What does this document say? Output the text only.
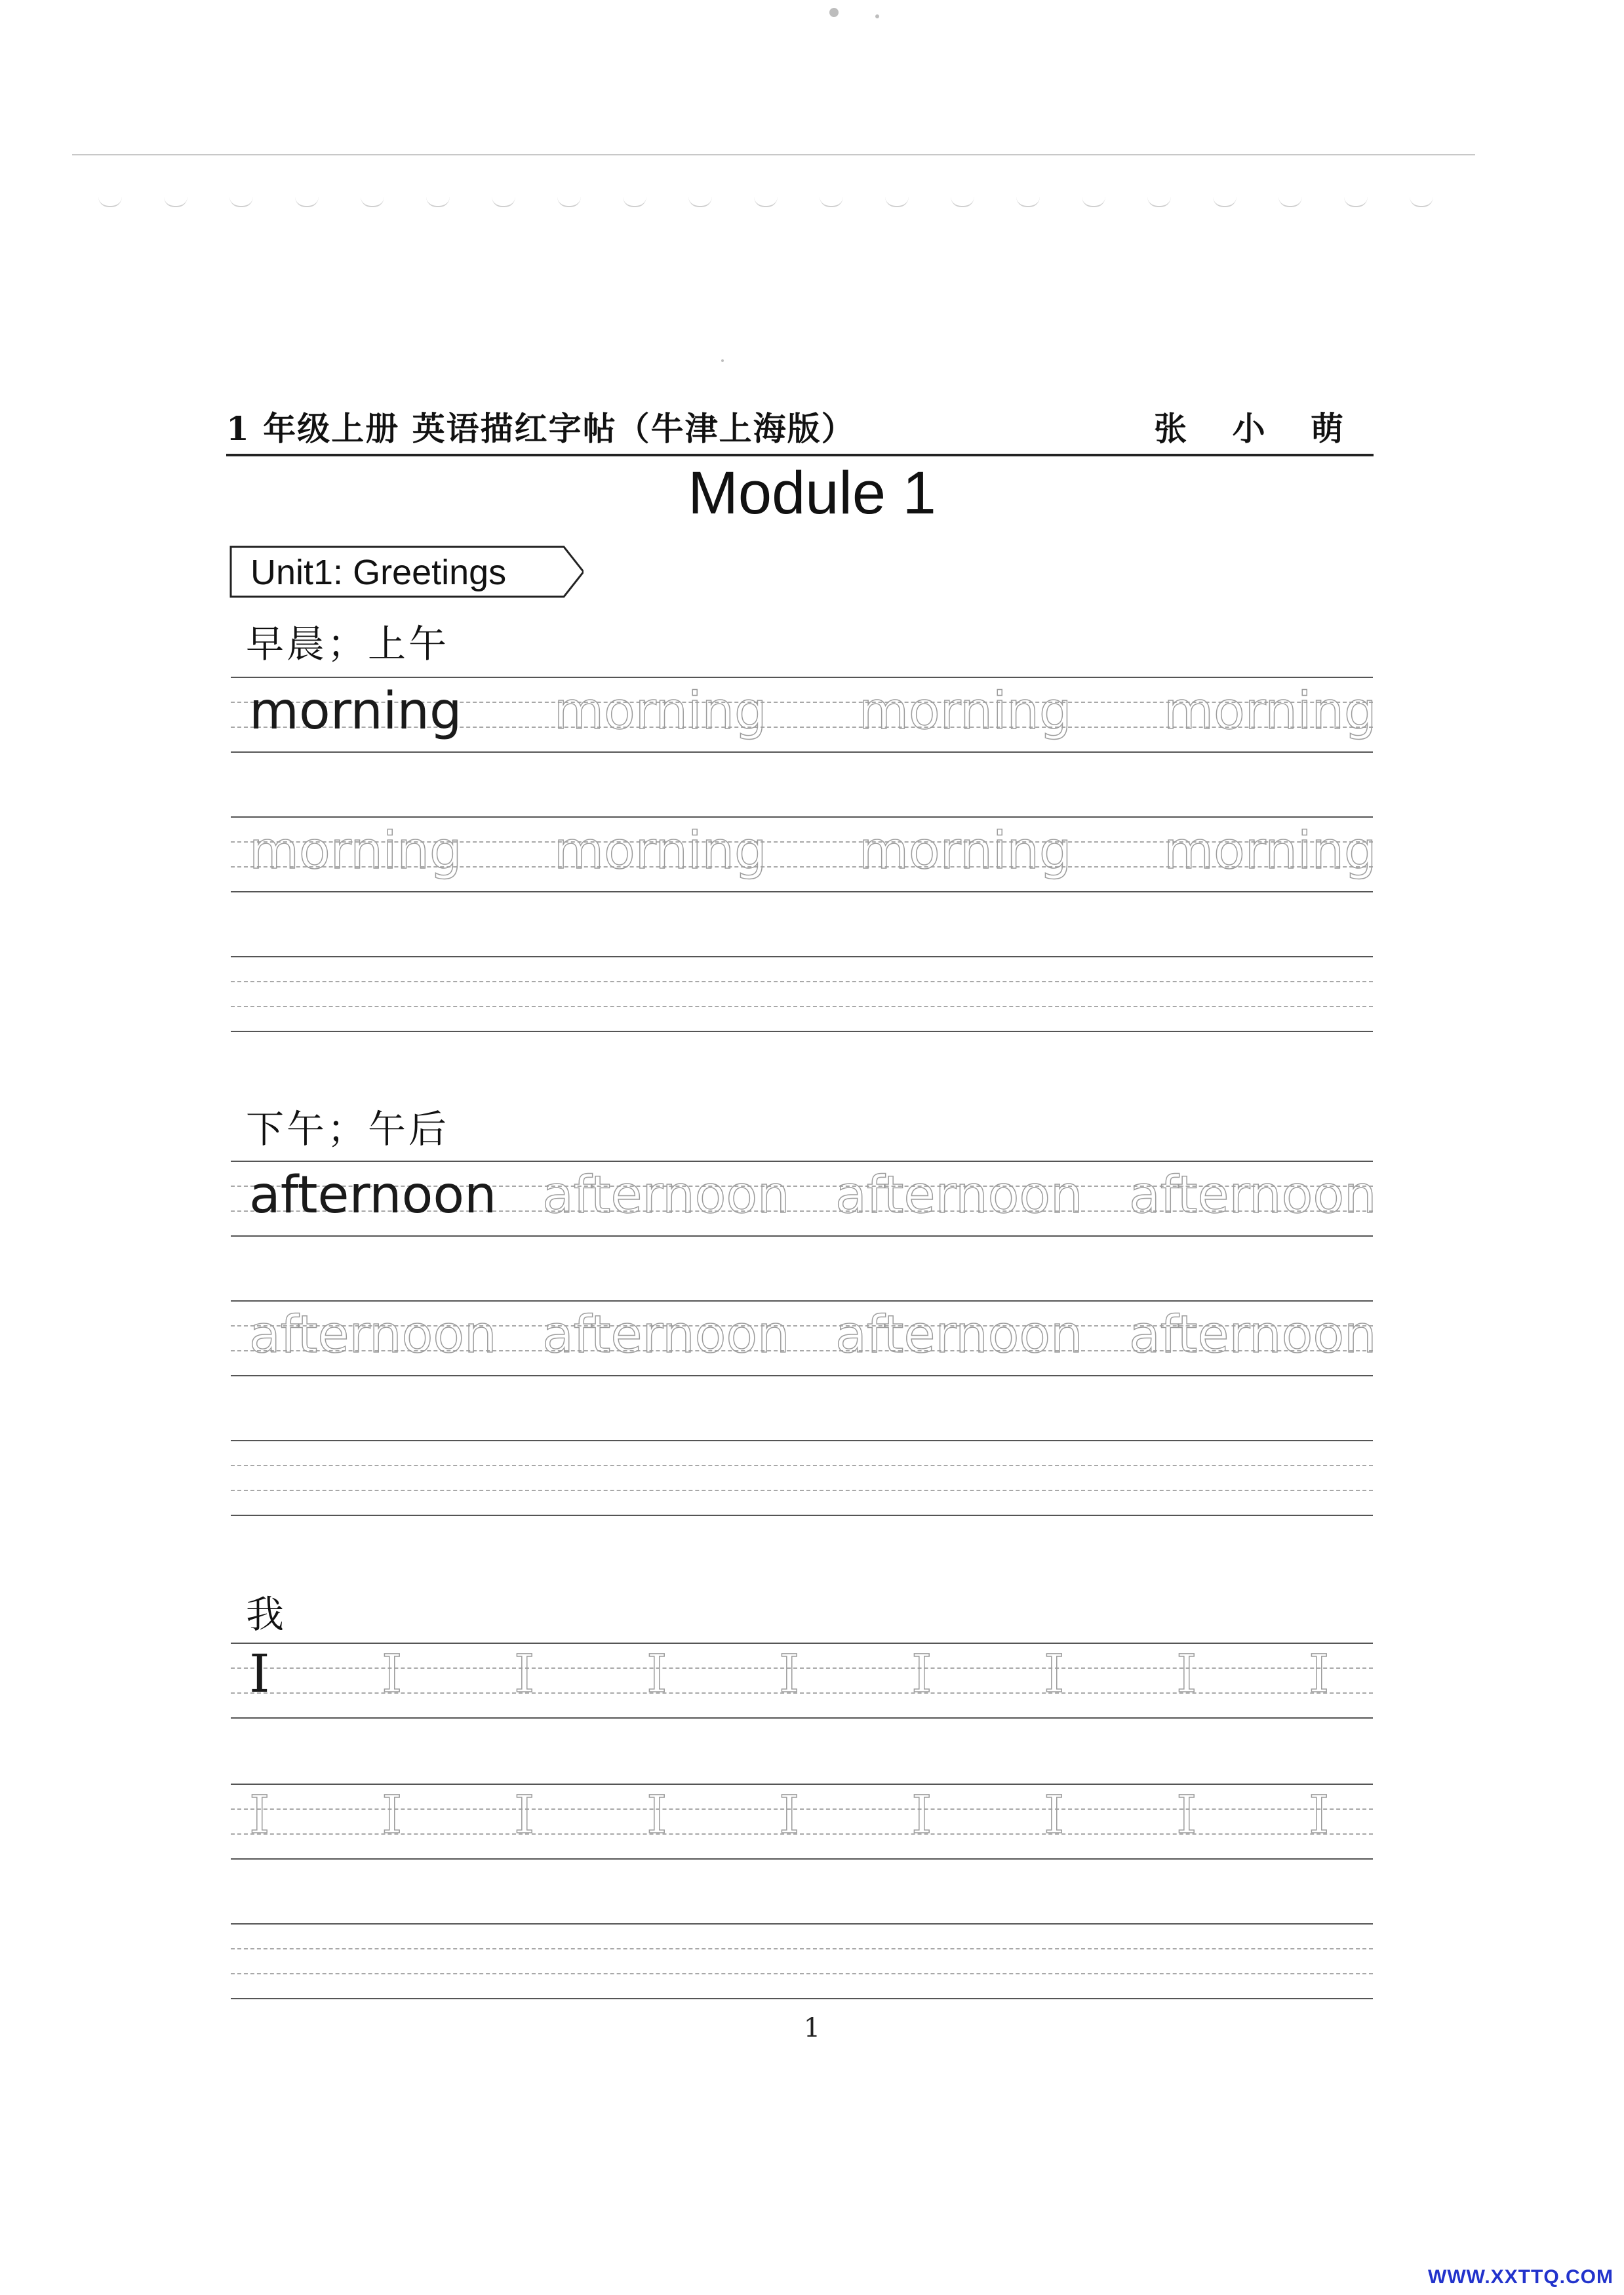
1 年级上册 英语描红字帖（牛津上海版）	张 小 萌
Module 1
Unit1: Greetings
早晨；上午
morning morning morning morning
morning morning morning morning
下午；午后
afternoon afternoon afternoon afternoon
afternoon afternoon afternoon afternoon
我
I I I I I I I I I
I I I I I I I I I
1
WWW.XXTTQ.COM
